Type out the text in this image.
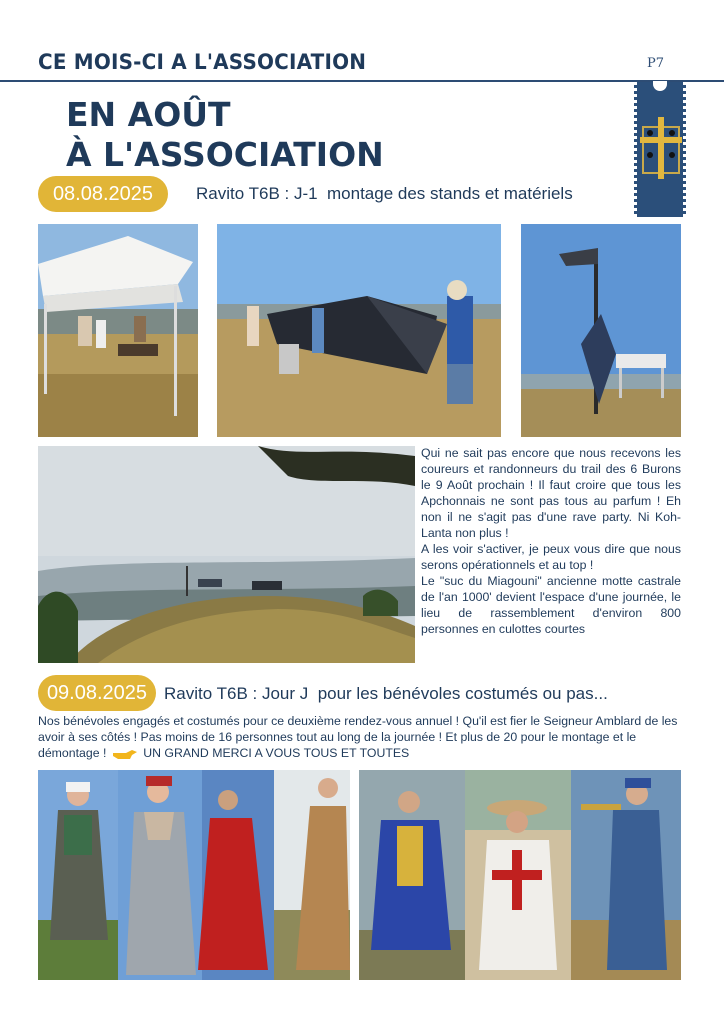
CE MOIS-CI A L'ASSOCIATION	P7
EN AOÛT
À L'ASSOCIATION
08.08.2025	Ravito T6B : J-1  montage des stands et matériels

Qui ne sait pas encore que nous recevons les coureurs et randonneurs du trail des 6 Burons le 9 Août prochain ! Il faut croire que tous les Apchonnais ne sont pas tous au parfum ! Eh non il ne s'agit pas d'une rave party. Ni Koh-Lanta non plus !

A les voir s'activer, je peux vous dire que nous serons opérationnels et au top !

Le "suc du Miagouni" ancienne motte castrale de l'an 1000' devient l'espace d'une journée, le lieu de rassemblement d'environ 800 personnes en culottes courtes

09.08.2025 Ravito T6B : Jour J  pour les bénévoles costumés ou pas...
Nos bénévoles engagés et costumés pour ce deuxième rendez-vous annuel ! Qu'il est fier le Seigneur Amblard de les avoir à ses côtés ! Pas moins de 16 personnes tout au long de la journée ! Et plus de 20 pour le montage et le démontage !	UN GRAND MERCI A VOUS TOUS ET TOUTES
